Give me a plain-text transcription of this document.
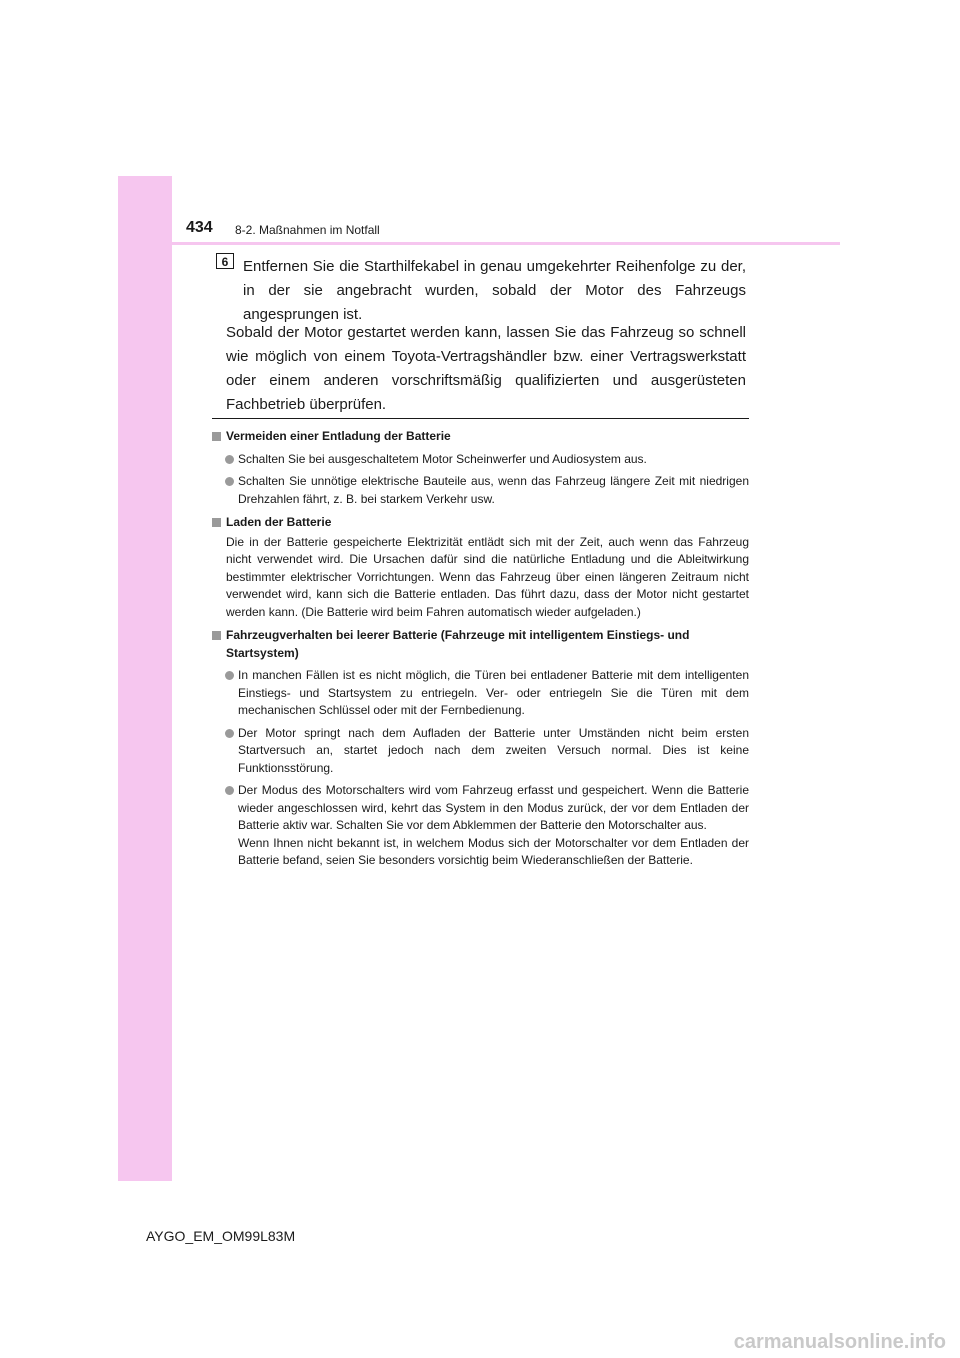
434 8-2. Maßnahmen im Notfall
6 Entfernen Sie die Starthilfekabel in genau umgekehrter Reihenfolge zu der, in der sie angebracht wurden, sobald der Motor des Fahrzeugs angesprungen ist.
Sobald der Motor gestartet werden kann, lassen Sie das Fahrzeug so schnell wie möglich von einem Toyota-Vertragshändler bzw. einer Vertragswerkstatt oder einem anderen vorschriftsmäßig qualifizierten und ausgerüsteten Fachbetrieb überprüfen.
Vermeiden einer Entladung der Batterie
Schalten Sie bei ausgeschaltetem Motor Scheinwerfer und Audiosystem aus.
Schalten Sie unnötige elektrische Bauteile aus, wenn das Fahrzeug längere Zeit mit niedrigen Drehzahlen fährt, z. B. bei starkem Verkehr usw.
Laden der Batterie
Die in der Batterie gespeicherte Elektrizität entlädt sich mit der Zeit, auch wenn das Fahrzeug nicht verwendet wird. Die Ursachen dafür sind die natürliche Entladung und die Ableitwirkung bestimmter elektrischer Vorrichtungen. Wenn das Fahrzeug über einen längeren Zeitraum nicht verwendet wird, kann sich die Batterie entladen. Das führt dazu, dass der Motor nicht gestartet werden kann. (Die Batterie wird beim Fahren automatisch wieder aufgeladen.)
Fahrzeugverhalten bei leerer Batterie (Fahrzeuge mit intelligentem Einstiegs- und Startsystem)
In manchen Fällen ist es nicht möglich, die Türen bei entladener Batterie mit dem intelligenten Einstiegs- und Startsystem zu entriegeln. Ver- oder entriegeln Sie die Türen mit dem mechanischen Schlüssel oder mit der Fernbedienung.
Der Motor springt nach dem Aufladen der Batterie unter Umständen nicht beim ersten Startversuch an, startet jedoch nach dem zweiten Versuch normal. Dies ist keine Funktionsstörung.
Der Modus des Motorschalters wird vom Fahrzeug erfasst und gespeichert. Wenn die Batterie wieder angeschlossen wird, kehrt das System in den Modus zurück, der vor dem Entladen der Batterie aktiv war. Schalten Sie vor dem Abklemmen der Batterie den Motorschalter aus.
Wenn Ihnen nicht bekannt ist, in welchem Modus sich der Motorschalter vor dem Entladen der Batterie befand, seien Sie besonders vorsichtig beim Wiederanschließen der Batterie.
AYGO_EM_OM99L83M
carmanualsonline.info
